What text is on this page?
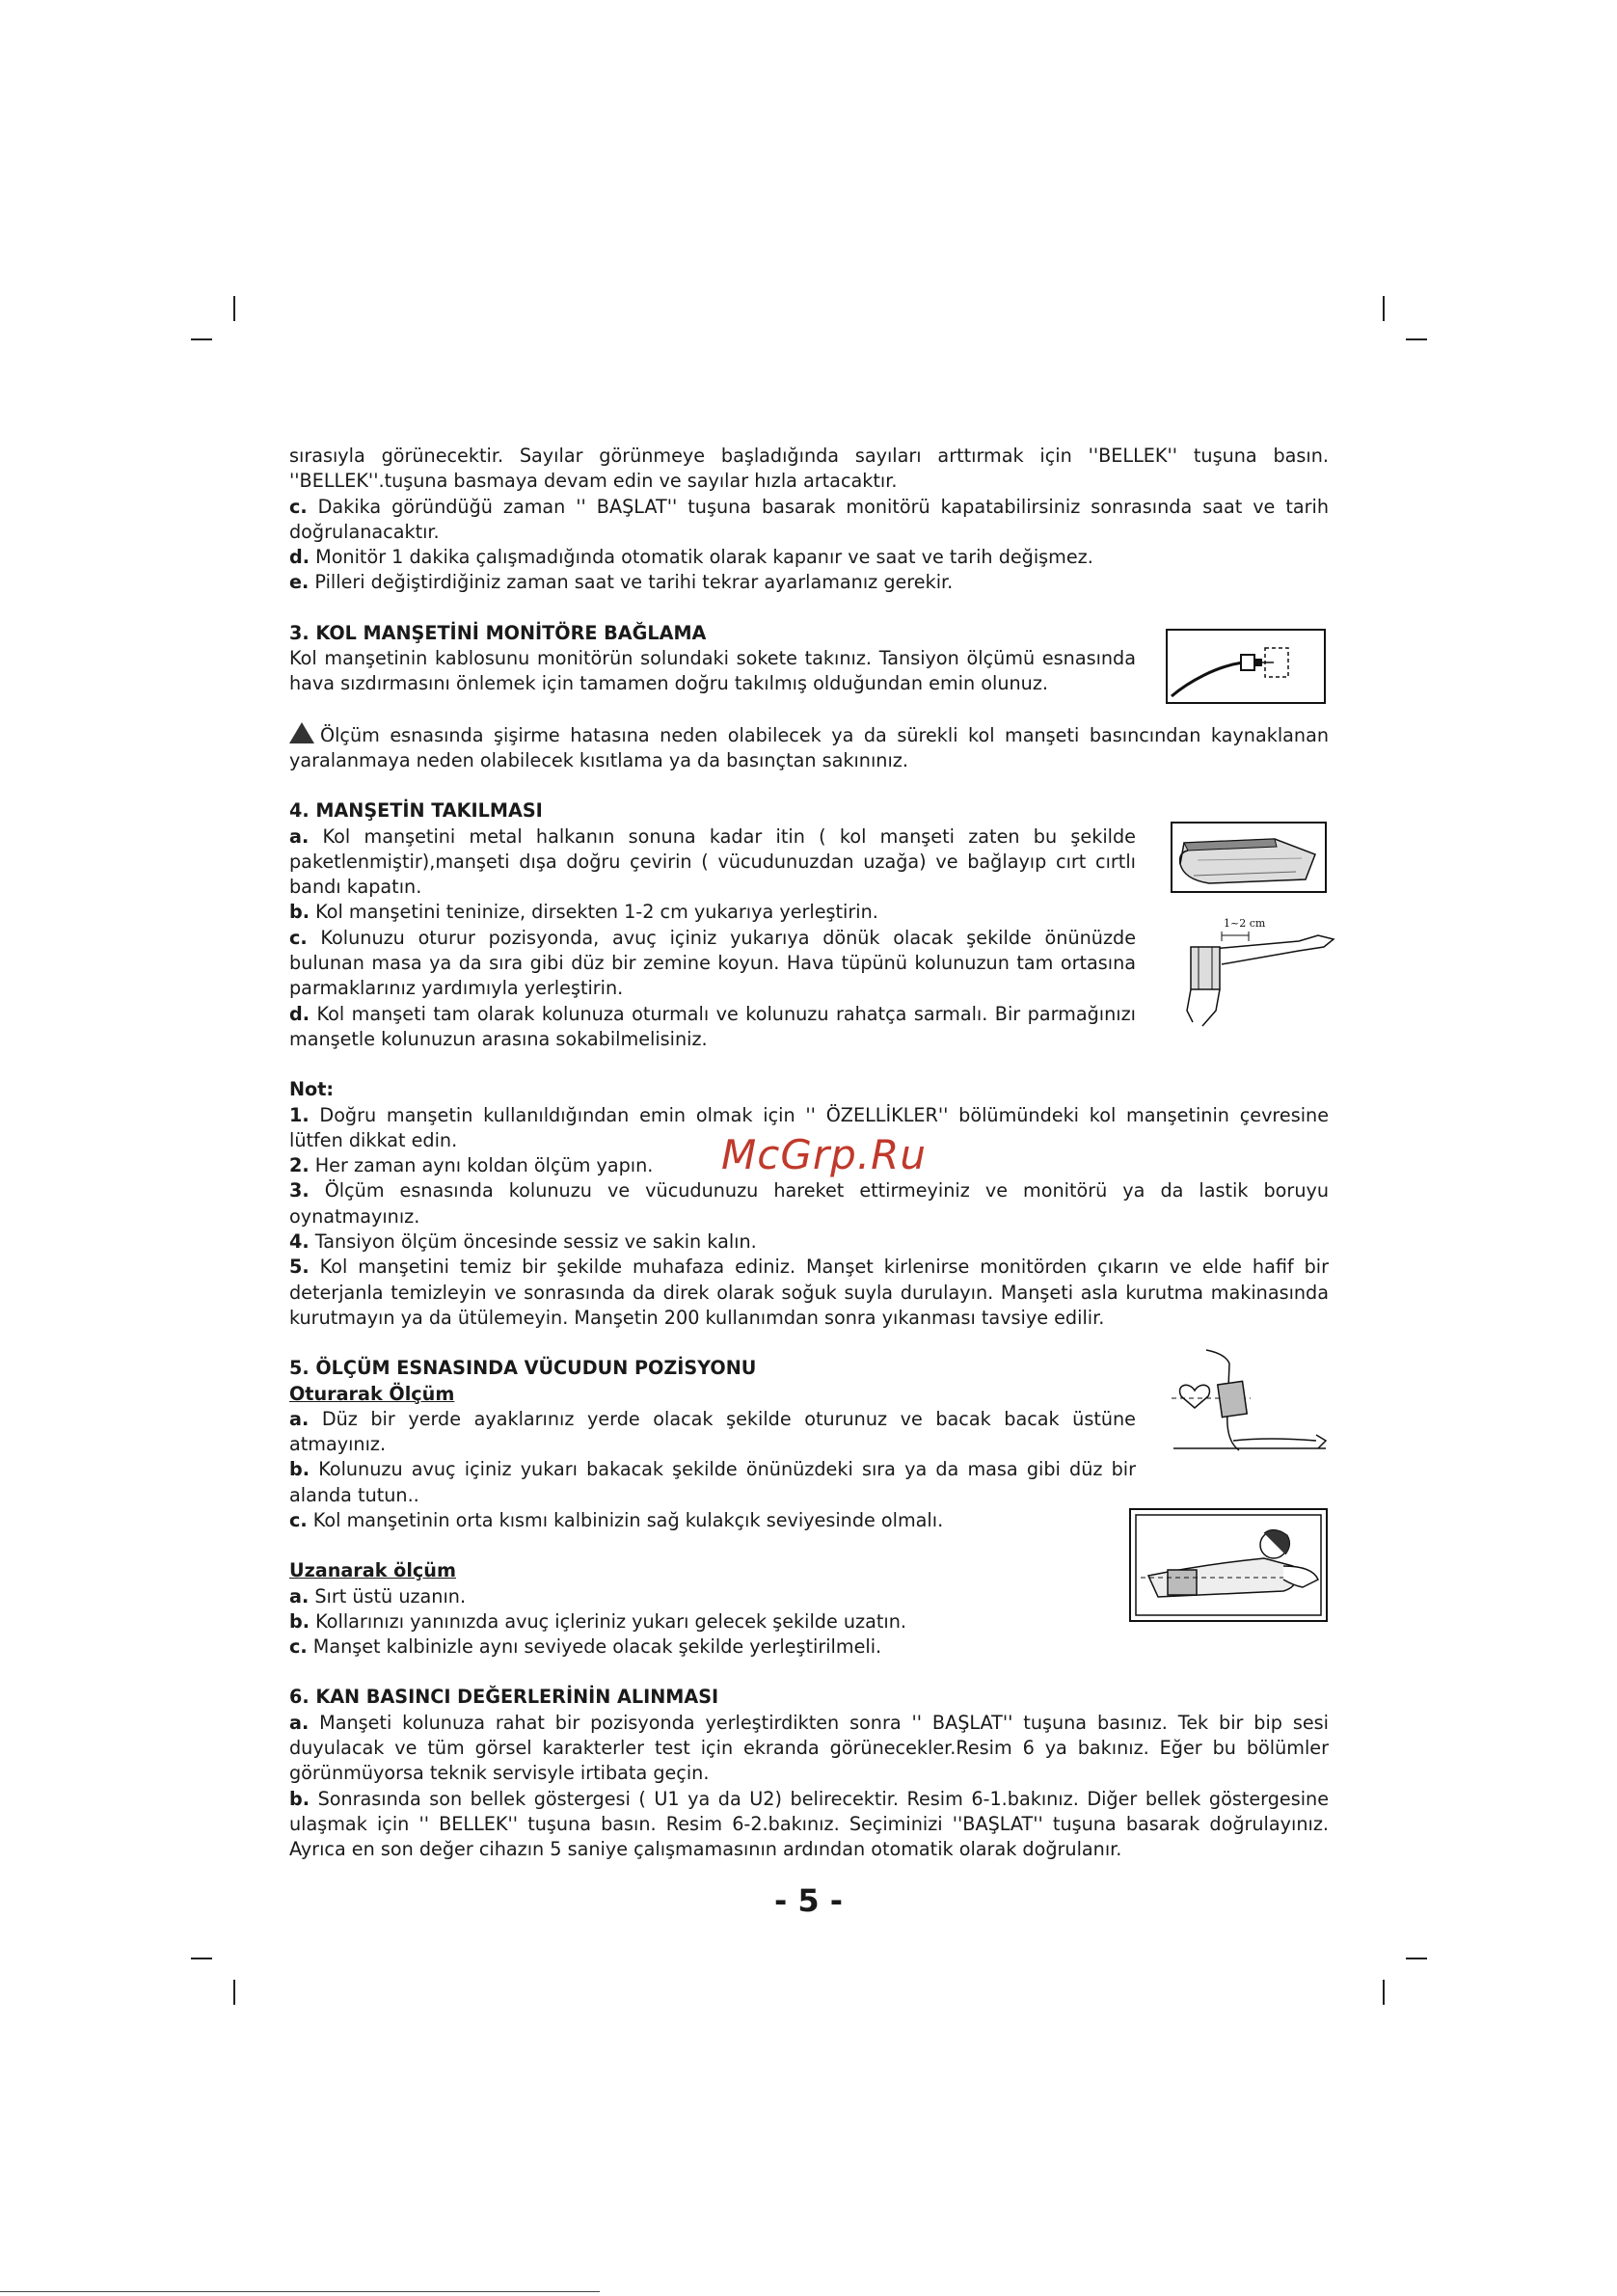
sırasıyla görünecektir. Sayılar görünmeye başladığında sayıları arttırmak için ''BELLEK'' tuşuna basın. ''BELLEK''.tuşuna basmaya devam edin ve sayılar hızla artacaktır.

c. Dakika göründüğü zaman '' BAŞLAT'' tuşuna basarak monitörü kapatabilirsiniz sonrasında saat ve tarih doğrulanacaktır.

d. Monitör 1 dakika çalışmadığında otomatik olarak kapanır ve saat ve tarih değişmez.

e. Pilleri değiştirdiğiniz zaman saat ve tarihi tekrar ayarlamanız gerekir.

3. KOL MANŞETİNİ MONİTÖRE BAĞLAMA

Kol manşetinin kablosunu monitörün solundaki sokete takınız. Tansiyon ölçümü esnasında hava sızdırmasını önlemek için tamamen doğru takılmış olduğundan emin olunuz.

Ölçüm esnasında şişirme hatasına neden olabilecek ya da sürekli kol manşeti basıncından kaynaklanan yaralanmaya neden olabilecek kısıtlama ya da basınçtan sakınınız.

4. MANŞETİN TAKILMASI

a. Kol manşetini metal halkanın sonuna kadar itin ( kol manşeti zaten bu şekilde paketlenmiştir),manşeti dışa doğru çevirin ( vücudunuzdan uzağa) ve bağlayıp cırt cırtlı bandı kapatın.

b. Kol manşetini teninize, dirsekten 1-2 cm yukarıya yerleştirin.

c. Kolunuzu oturur pozisyonda, avuç içiniz yukarıya dönük olacak şekilde önünüzde bulunan masa ya da sıra gibi düz bir zemine koyun. Hava tüpünü kolunuzun tam ortasına parmaklarınız yardımıyla yerleştirin.

d. Kol manşeti tam olarak kolunuza oturmalı ve kolunuzu rahatça sarmalı. Bir parmağınızı manşetle kolunuzun arasına sokabilmelisiniz.

Not:

1. Doğru manşetin kullanıldığından emin olmak için '' ÖZELLİKLER'' bölümündeki kol manşetinin çevresine lütfen dikkat edin.

2. Her zaman aynı koldan ölçüm yapın.

3. Ölçüm esnasında kolunuzu ve vücudunuzu hareket ettirmeyiniz ve monitörü ya da lastik boruyu oynatmayınız.

4. Tansiyon ölçüm öncesinde sessiz ve sakin kalın.

5. Kol manşetini temiz bir şekilde muhafaza ediniz. Manşet kirlenirse monitörden çıkarın ve elde hafif bir deterjanla temizleyin ve sonrasında da direk olarak soğuk suyla durulayın. Manşeti asla kurutma makinasında kurutmayın ya da ütülemeyin. Manşetin 200 kullanımdan sonra yıkanması tavsiye edilir.

5. ÖLÇÜM ESNASINDA VÜCUDUN POZİSYONU

Oturarak Ölçüm

a. Düz bir yerde ayaklarınız yerde olacak şekilde oturunuz ve bacak bacak üstüne atmayınız.

b. Kolunuzu avuç içiniz yukarı bakacak şekilde önünüzdeki sıra ya da masa gibi düz bir alanda tutun..

c. Kol manşetinin orta kısmı kalbinizin sağ kulakçık seviyesinde olmalı.

Uzanarak ölçüm

a. Sırt üstü uzanın.

b. Kollarınızı yanınızda avuç içleriniz yukarı gelecek şekilde uzatın.

c. Manşet kalbinizle aynı seviyede olacak şekilde yerleştirilmeli.

6. KAN BASINCI DEĞERLERİNİN ALINMASI

a. Manşeti kolunuza rahat bir pozisyonda yerleştirdikten sonra '' BAŞLAT'' tuşuna basınız. Tek bir bip sesi duyulacak ve tüm görsel karakterler test için ekranda görünecekler.Resim 6 ya bakınız. Eğer bu bölümler görünmüyorsa teknik servisyle irtibata geçin.

b. Sonrasında son bellek göstergesi ( U1 ya da U2) belirecektir. Resim 6-1.bakınız. Diğer bellek göstergesine ulaşmak için '' BELLEK'' tuşuna basın. Resim 6-2.bakınız. Seçiminizi ''BAŞLAT'' tuşuna basarak doğrulayınız. Ayrıca en son değer cihazın 5 saniye çalışmamasının ardından otomatik olarak doğrulanır.

1~2 cm
McGrp.Ru
- 5 -
